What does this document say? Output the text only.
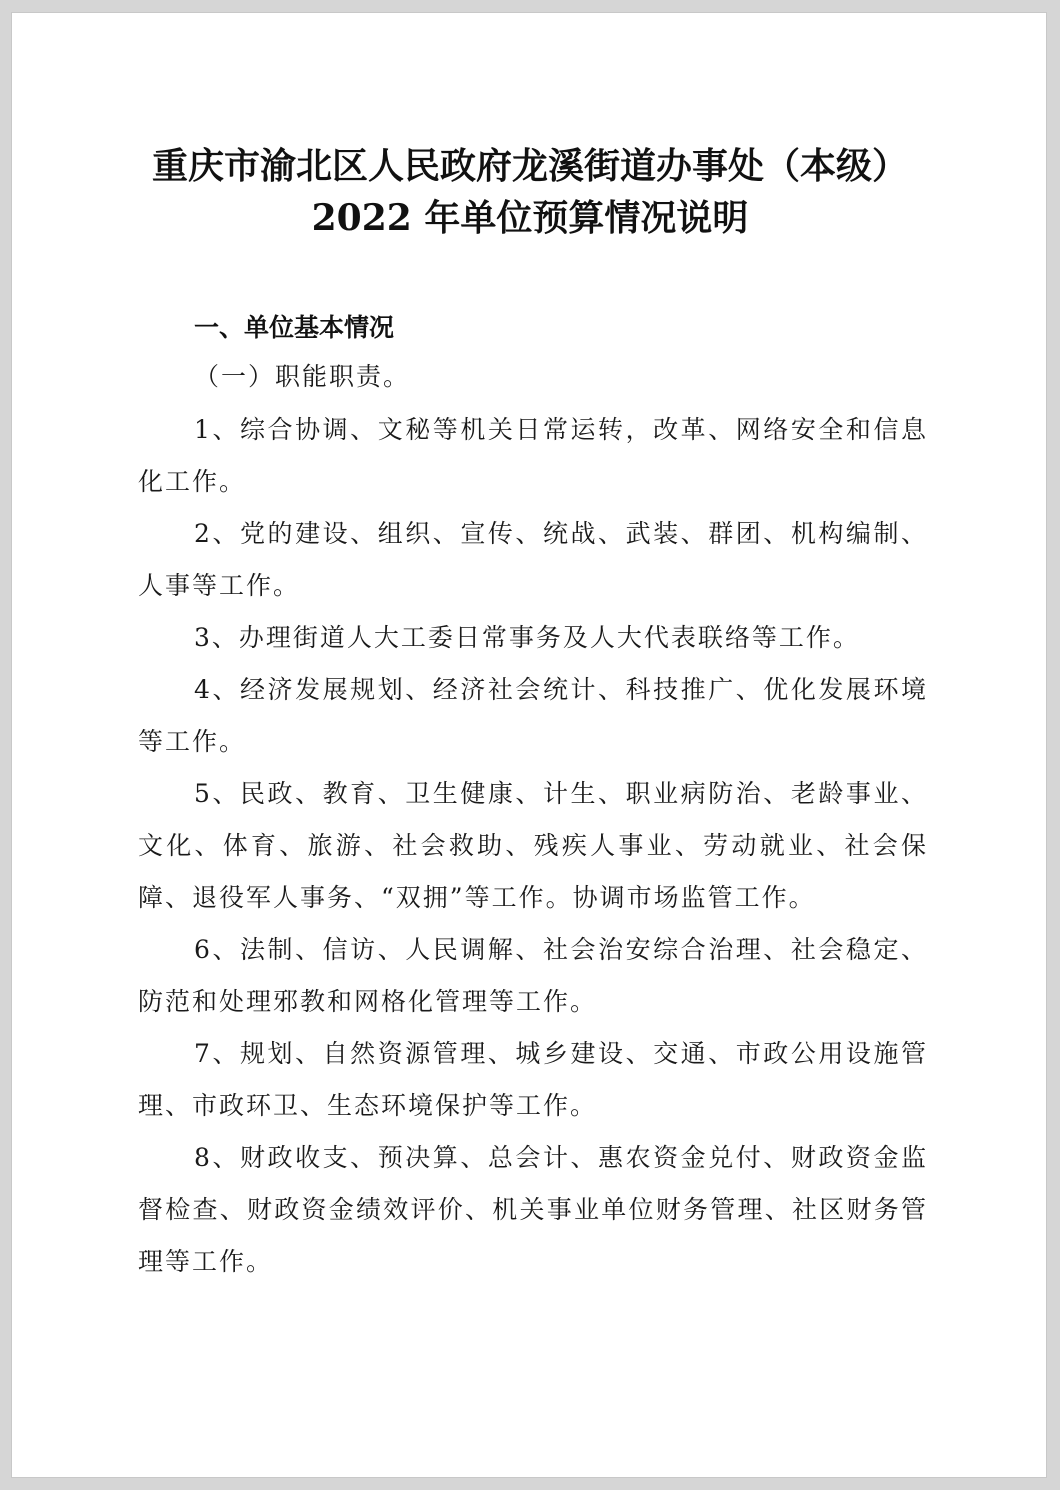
重庆市渝北区人民政府龙溪街道办事处（本级）
2022 年单位预算情况说明

一、单位基本情况

（一）职能职责。

1、综合协调、文秘等机关日常运转，改革、网络安全和信息化工作。

2、党的建设、组织、宣传、统战、武装、群团、机构编制、人事等工作。

3、办理街道人大工委日常事务及人大代表联络等工作。

4、经济发展规划、经济社会统计、科技推广、优化发展环境等工作。

5、民政、教育、卫生健康、计生、职业病防治、老龄事业、文化、体育、旅游、社会救助、残疾人事业、劳动就业、社会保障、退役军人事务、“双拥”等工作。协调市场监管工作。

6、法制、信访、人民调解、社会治安综合治理、社会稳定、防范和处理邪教和网格化管理等工作。

7、规划、自然资源管理、城乡建设、交通、市政公用设施管理、市政环卫、生态环境保护等工作。

8、财政收支、预决算、总会计、惠农资金兑付、财政资金监督检查、财政资金绩效评价、机关事业单位财务管理、社区财务管理等工作。
